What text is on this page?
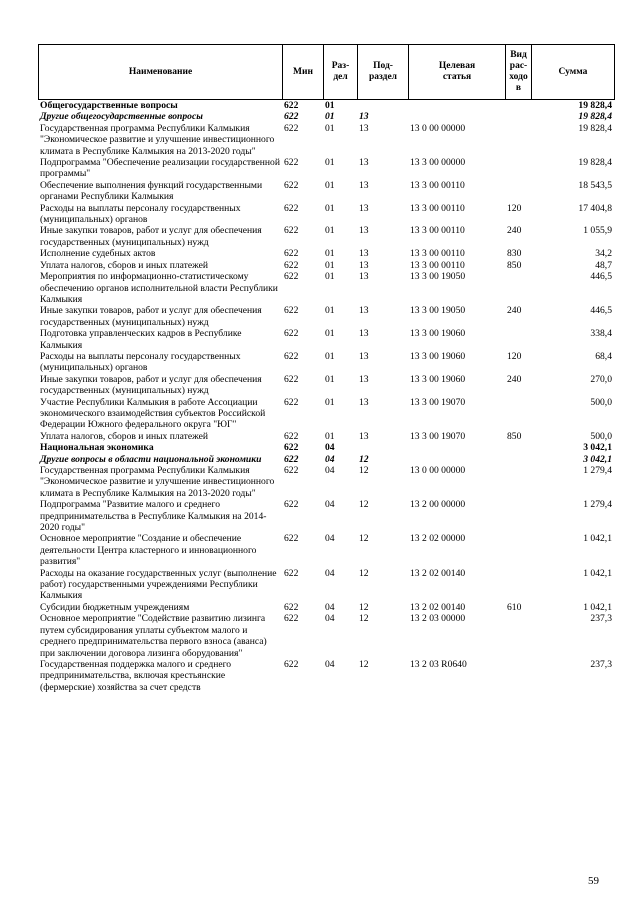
Наименование	Мин	Раз-
дел	Под-
раздел	Целевая
статья	Вид
рас-
ходо
в	Сумма
Общегосударственные вопросы	622	01				19 828,4
Другие общегосударственные вопросы	622	01	13			19 828,4
Государственная программа Республики Калмыкия "Экономическое развитие и улучшение инвестиционного климата в Республике Калмыкия на 2013-2020 годы"	622	01	13	13 0 00 00000		19 828,4
Подпрограмма "Обеспечение реализации государственной программы"	622	01	13	13 3 00 00000		19 828,4
Обеспечение выполнения функций государственными органами Республики Калмыкия	622	01	13	13 3 00 00110		18 543,5
Расходы на выплаты персоналу государственных (муниципальных) органов	622	01	13	13 3 00 00110	120	17 404,8
Иные закупки товаров, работ и услуг для обеспечения государственных (муниципальных) нужд	622	01	13	13 3 00 00110	240	1 055,9
Исполнение судебных актов	622	01	13	13 3 00 00110	830	34,2
Уплата налогов, сборов и иных платежей	622	01	13	13 3 00 00110	850	48,7
Мероприятия по информационно-статистическому обеспечению органов исполнительной власти Республики Калмыкия	622	01	13	13 3 00 19050		446,5
Иные закупки товаров, работ и услуг для обеспечения государственных (муниципальных) нужд	622	01	13	13 3 00 19050	240	446,5
Подготовка управленческих кадров в Республике Калмыкия	622	01	13	13 3 00 19060		338,4
Расходы на выплаты персоналу государственных (муниципальных) органов	622	01	13	13 3 00 19060	120	68,4
Иные закупки товаров, работ и услуг для обеспечения государственных (муниципальных) нужд	622	01	13	13 3 00 19060	240	270,0
Участие Республики Калмыкия в работе Ассоциации экономического взаимодействия субъектов Российской Федерации Южного федерального округа "ЮГ"	622	01	13	13 3 00 19070		500,0
Уплата налогов, сборов и иных платежей	622	01	13	13 3 00 19070	850	500,0
Национальная экономика	622	04				3 042,1
Другие вопросы в области национальной экономики	622	04	12			3 042,1
Государственная программа Республики Калмыкия "Экономическое развитие и улучшение инвестиционного климата в Республике Калмыкия на 2013-2020 годы"	622	04	12	13 0 00 00000		1 279,4
Подпрограмма "Развитие малого и среднего предпринимательства в Республике Калмыкия на 2014-2020 годы"	622	04	12	13 2 00 00000		1 279,4
Основное мероприятие "Создание и обеспечение деятельности Центра кластерного и инновационного развития"	622	04	12	13 2 02 00000		1 042,1
Расходы на оказание государственных услуг (выполнение работ) государственными учреждениями Республики Калмыкия	622	04	12	13 2 02 00140		1 042,1
Субсидии бюджетным учреждениям	622	04	12	13 2 02 00140	610	1 042,1
Основное мероприятие "Содействие развитию лизинга путем субсидирования уплаты субъектом малого и среднего предпринимательства первого взноса (аванса) при заключении договора лизинга оборудования"	622	04	12	13 2 03 00000		237,3
Государственная поддержка малого и среднего предпринимательства, включая крестьянские (фермерские) хозяйства за счет средств	622	04	12	13 2 03 R0640		237,3
59
